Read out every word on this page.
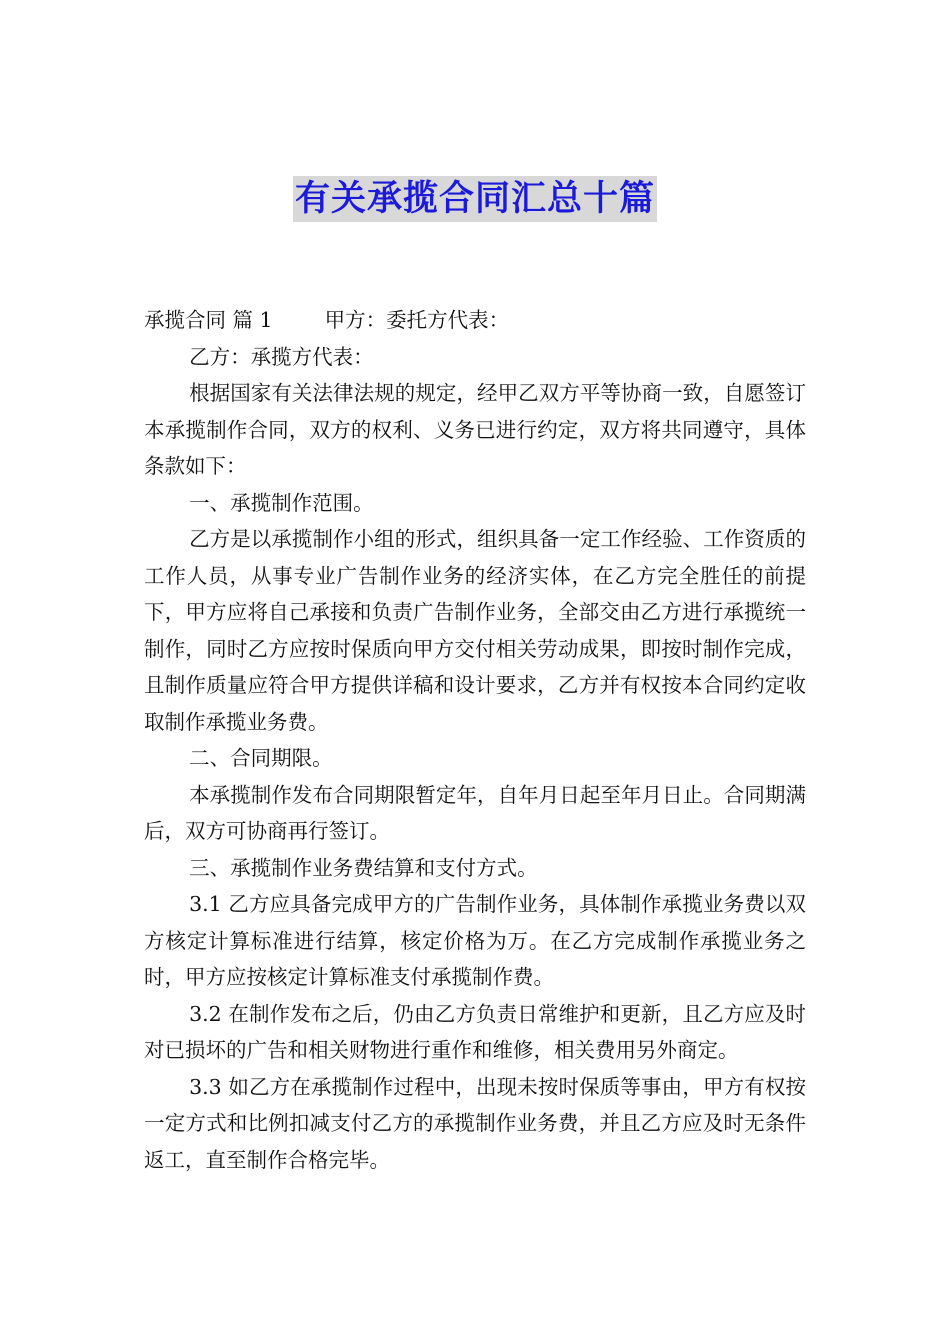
有关承揽合同汇总十篇

承揽合同 篇 1	甲方：委托方代表：

乙方：承揽方代表：

根据国家有关法律法规的规定，经甲乙双方平等协商一致，自愿签订本承揽制作合同，双方的权利、义务已进行约定，双方将共同遵守，具体条款如下：

一、承揽制作范围。

乙方是以承揽制作小组的形式，组织具备一定工作经验、工作资质的工作人员，从事专业广告制作业务的经济实体，在乙方完全胜任的前提下，甲方应将自己承接和负责广告制作业务，全部交由乙方进行承揽统一制作，同时乙方应按时保质向甲方交付相关劳动成果，即按时制作完成，且制作质量应符合甲方提供详稿和设计要求，乙方并有权按本合同约定收取制作承揽业务费。

二、合同期限。

本承揽制作发布合同期限暂定年，自年月日起至年月日止。合同期满后，双方可协商再行签订。

三、承揽制作业务费结算和支付方式。

3.1 乙方应具备完成甲方的广告制作业务，具体制作承揽业务费以双方核定计算标准进行结算，核定价格为万。在乙方完成制作承揽业务之时，甲方应按核定计算标准支付承揽制作费。

3.2 在制作发布之后，仍由乙方负责日常维护和更新，且乙方应及时对已损坏的广告和相关财物进行重作和维修，相关费用另外商定。

3.3 如乙方在承揽制作过程中，出现未按时保质等事由，甲方有权按一定方式和比例扣减支付乙方的承揽制作业务费，并且乙方应及时无条件返工，直至制作合格完毕。
